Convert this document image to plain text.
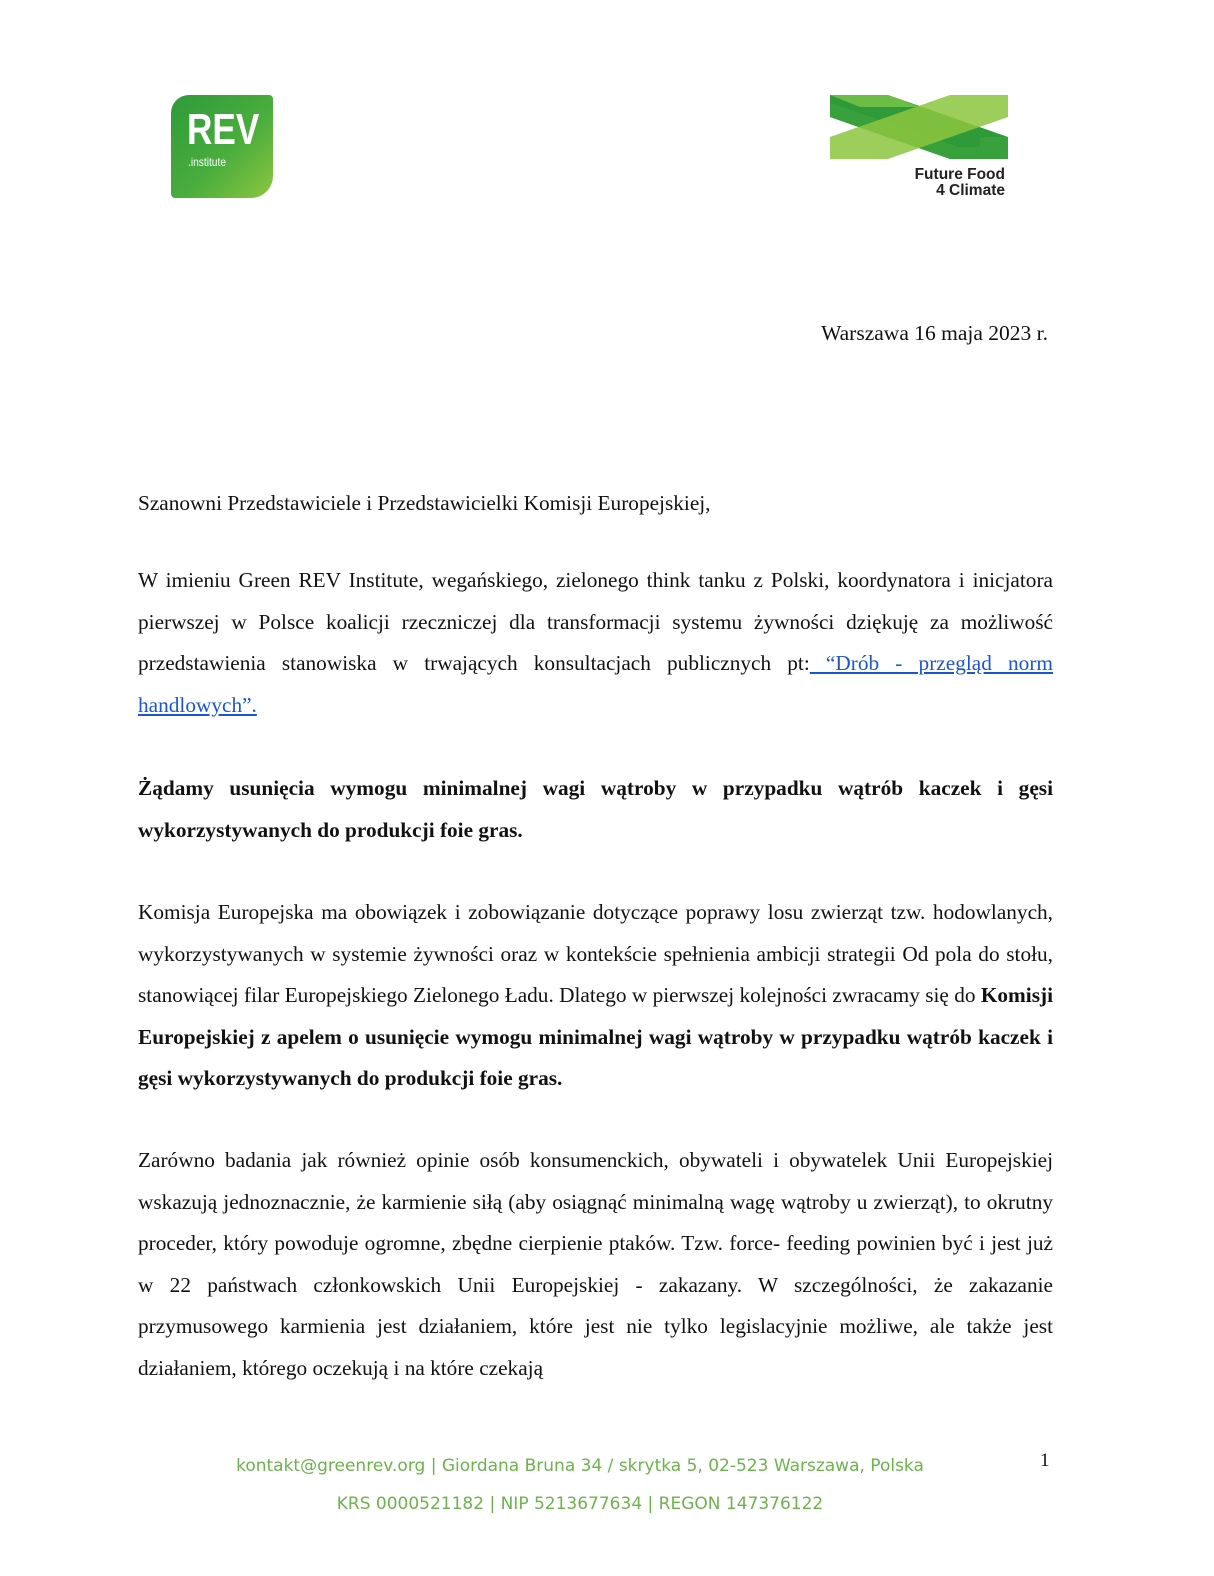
REV
.institute
Future Food
4 Climate
Warszawa 16 maja 2023 r.
Szanowni Przedstawiciele i Przedstawicielki Komisji Europejskiej,
W imieniu Green REV Institute, wegańskiego, zielonego think tanku z Polski, koordynatora i inicjatora pierwszej w Polsce koalicji rzeczniczej dla transformacji systemu żywności dziękuję za możliwość przedstawienia stanowiska w trwających konsultacjach publicznych pt: “Drób - przegląd norm handlowych”.
Żądamy usunięcia wymogu minimalnej wagi wątroby w przypadku wątrób kaczek i gęsi wykorzystywanych do produkcji foie gras.
Komisja Europejska ma obowiązek i zobowiązanie dotyczące poprawy losu zwierząt tzw. hodowlanych, wykorzystywanych w systemie żywności oraz w kontekście spełnienia ambicji strategii Od pola do stołu, stanowiącej filar Europejskiego Zielonego Ładu. Dlatego w pierwszej kolejności zwracamy się do Komisji Europejskiej z apelem o usunięcie wymogu minimalnej wagi wątroby w przypadku wątrób kaczek i gęsi wykorzystywanych do produkcji foie gras.
Zarówno badania jak również opinie osób konsumenckich, obywateli i obywatelek Unii Europejskiej wskazują jednoznacznie, że karmienie siłą (aby osiągnąć minimalną wagę wątroby u zwierząt), to okrutny proceder, który powoduje ogromne, zbędne cierpienie ptaków. Tzw. force- feeding powinien być i jest już w 22 państwach członkowskich Unii Europejskiej - zakazany. W szczególności, że zakazanie przymusowego karmienia jest działaniem, które jest nie tylko legislacyjnie możliwe, ale także jest działaniem, którego oczekują i na które czekają
kontakt@greenrev.org | Giordana Bruna 34 / skrytka 5, 02-523 Warszawa, Polska
KRS 0000521182 | NIP 5213677634 | REGON 147376122
1
